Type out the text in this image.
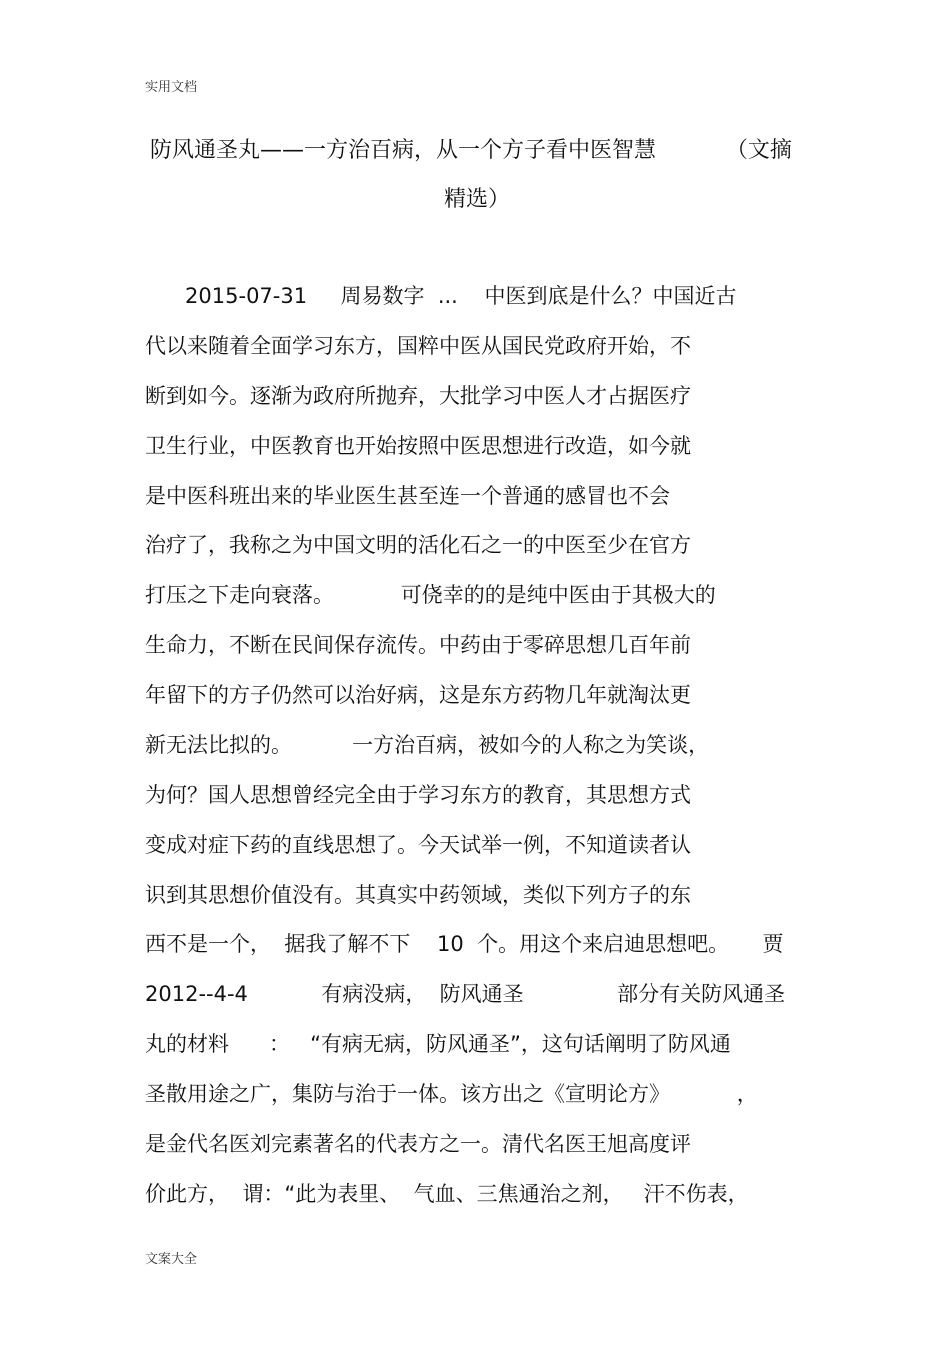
实用文档
防风通圣丸——一方治百病，从一个方子看中医智慧          （文摘
精选）
2015-07-31     周易数字  ...    中医到底是什么？中国近古
代以来随着全面学习东方，国粹中医从国民党政府开始，不
断到如今。逐渐为政府所抛弃，大批学习中医人才占据医疗
卫生行业，中医教育也开始按照中医思想进行改造，如今就
是中医科班出来的毕业医生甚至连一个普通的感冒也不会
治疗了，我称之为中国文明的活化石之一的中医至少在官方
打压之下走向衰落。          可侥幸的的是纯中医由于其极大的
生命力，不断在民间保存流传。中药由于零碎思想几百年前
年留下的方子仍然可以治好病，这是东方药物几年就淘汰更
新无法比拟的。         一方治百病，被如今的人称之为笑谈，
为何？国人思想曾经完全由于学习东方的教育，其思想方式
变成对症下药的直线思想了。今天试举一例，不知道读者认
识到其思想价值没有。其真实中药领域，类似下列方子的东
西不是一个，  据我了解不下    10  个。用这个来启迪思想吧。     贾
2012--4-4           有病没病，  防风通圣              部分有关防风通圣
丸的材料      ：   “有病无病，防风通圣”，这句话阐明了防风通
圣散用途之广，集防与治于一体。该方出之《宣明论方》          ，
是金代名医刘完素著名的代表方之一。清代名医王旭高度评
价此方，  谓：“此为表里、  气血、三焦通治之剂，   汗不伤表，
文案大全
